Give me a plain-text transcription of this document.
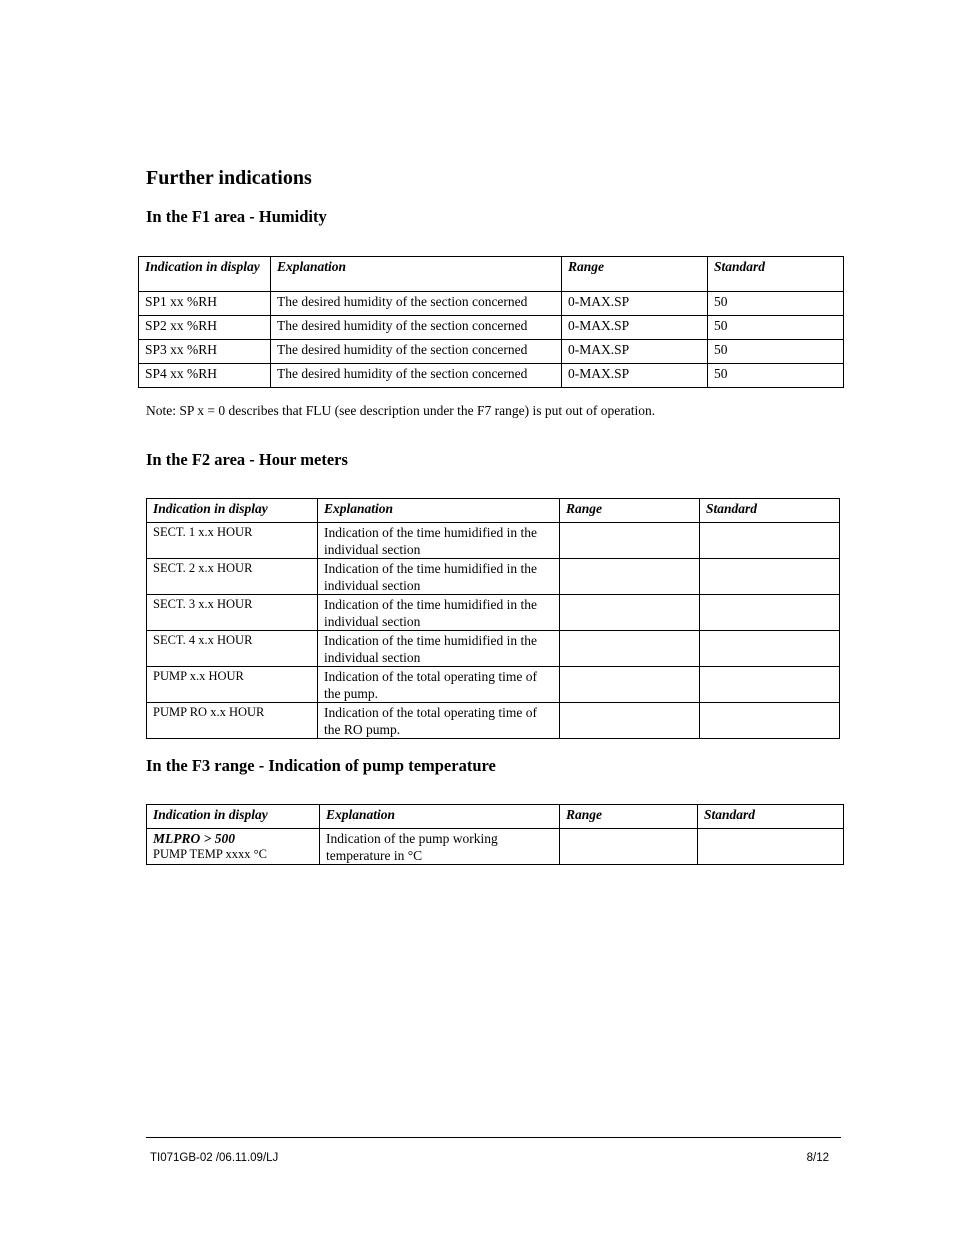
Further indications
In the F1 area - Humidity
Indication in display	Explanation	Range	Standard
SP1 xx %RH	The desired humidity of the section concerned	0-MAX.SP	50
SP2 xx %RH	The desired humidity of the section concerned	0-MAX.SP	50
SP3 xx %RH	The desired humidity of the section concerned	0-MAX.SP	50
SP4 xx %RH	The desired humidity of the section concerned	0-MAX.SP	50
Note: SP x = 0 describes that FLU (see description under the F7 range) is put out of operation.
In the F2 area - Hour meters
Indication in display	Explanation	Range	Standard
SECT. 1 x.x HOUR	Indication of the time humidified in the individual section		
SECT. 2 x.x HOUR	Indication of the time humidified in the individual section		
SECT. 3 x.x HOUR	Indication of the time humidified in the individual section		
SECT. 4 x.x HOUR	Indication of the time humidified in the individual section		
PUMP x.x HOUR	Indication of the total operating time of the pump.		
PUMP RO x.x HOUR	Indication of the total operating time of the RO pump.		
In the F3 range - Indication of pump temperature
Indication in display	Explanation	Range	Standard

MLPRO > 500
PUMP TEMP xxxx °C	Indication of the pump working temperature in °C		
TI071GB-02 /06.11.09/LJ	8/12
